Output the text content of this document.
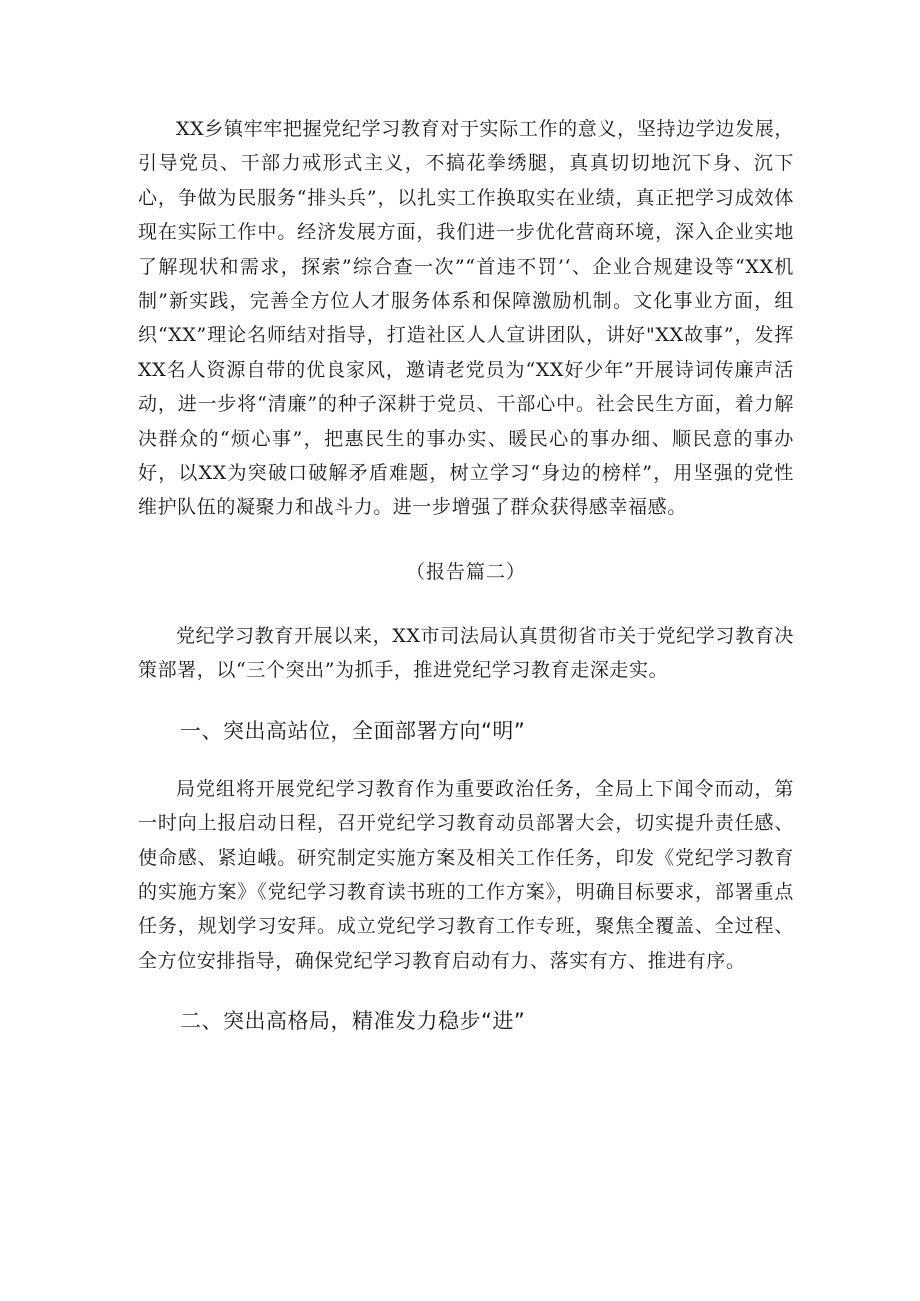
XX乡镇牢牢把握党纪学习教育对于实际工作的意义，坚持边学边发展，引导党员、干部力戒形式主义，不搞花拳绣腿，真真切切地沉下身、沉下心，争做为民服务“排头兵”，以扎实工作换取实在业绩，真正把学习成效体现在实际工作中。经济发展方面，我们进一步优化营商环境，深入企业实地了解现状和需求，探索”综合查一次”“首违不罚’‘、企业合规建设等“XX机制”新实践，完善全方位人才服务体系和保障激励机制。文化事业方面，组织“XX”理论名师结对指导，打造社区人人宣讲团队，讲好"XX故事”，发挥XX名人资源自带的优良家风，邀请老党员为“XX好少年”开展诗词传廉声活动，进一步将“清廉”的种子深耕于党员、干部心中。社会民生方面，着力解决群众的“烦心事”，把惠民生的事办实、暖民心的事办细、顺民意的事办好，以XX为突破口破解矛盾难题，树立学习“身边的榜样”，用坚强的党性维护队伍的凝聚力和战斗力。进一步增强了群众获得感幸福感。

（报告篇二）

党纪学习教育开展以来，XX市司法局认真贯彻省市关于党纪学习教育决策部署，以“三个突出”为抓手，推进党纪学习教育走深走实。

一、突出高站位，全面部署方向“明”

局党组将开展党纪学习教育作为重要政治任务，全局上下闻令而动，第一时向上报启动日程，召开党纪学习教育动员部署大会，切实提升责任感、使命感、紧迫峨。研究制定实施方案及相关工作任务，印发《党纪学习教育的实施方案》《党纪学习教育读书班的工作方案》，明确目标要求，部署重点任务，规划学习安拜。成立党纪学习教育工作专班，聚焦全覆盖、全过程、全方位安排指导，确保党纪学习教育启动有力、落实有方、推进有序。

二、突出高格局，精准发力稳步“进”
